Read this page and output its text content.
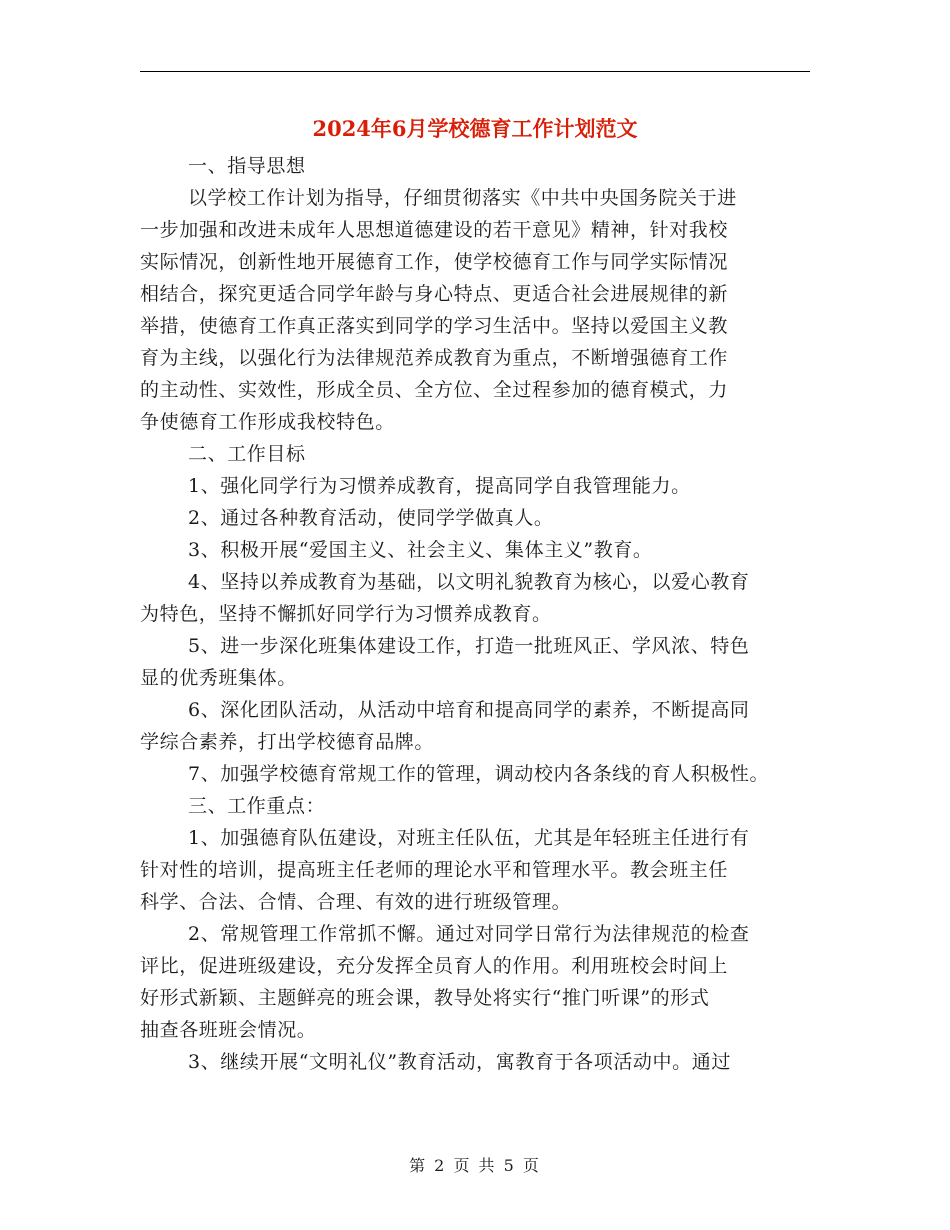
2024年6月学校德育工作计划范文
一、指导思想
以学校工作计划为指导，仔细贯彻落实《中共中央国务院关于进
一步加强和改进未成年人思想道德建设的若干意见》精神，针对我校
实际情况，创新性地开展德育工作，使学校德育工作与同学实际情况
相结合，探究更适合同学年龄与身心特点、更适合社会进展规律的新
举措，使德育工作真正落实到同学的学习生活中。坚持以爱国主义教
育为主线，以强化行为法律规范养成教育为重点，不断增强德育工作
的主动性、实效性，形成全员、全方位、全过程参加的德育模式，力
争使德育工作形成我校特色。
二、工作目标
1、强化同学行为习惯养成教育，提高同学自我管理能力。
2、通过各种教育活动，使同学学做真人。
3、积极开展“爱国主义、社会主义、集体主义”教育。
4、坚持以养成教育为基础，以文明礼貌教育为核心，以爱心教育
为特色，坚持不懈抓好同学行为习惯养成教育。
5、进一步深化班集体建设工作，打造一批班风正、学风浓、特色
显的优秀班集体。
6、深化团队活动，从活动中培育和提高同学的素养，不断提高同
学综合素养，打出学校德育品牌。
7、加强学校德育常规工作的管理，调动校内各条线的育人积极性。
三、工作重点：
1、加强德育队伍建设，对班主任队伍，尤其是年轻班主任进行有
针对性的培训，提高班主任老师的理论水平和管理水平。教会班主任
科学、合法、合情、合理、有效的进行班级管理。
2、常规管理工作常抓不懈。通过对同学日常行为法律规范的检查
评比，促进班级建设，充分发挥全员育人的作用。利用班校会时间上
好形式新颖、主题鲜亮的班会课，教导处将实行“推门听课”的形式
抽查各班班会情况。
3、继续开展“文明礼仪”教育活动，寓教育于各项活动中。通过
第 2 页 共 5 页
